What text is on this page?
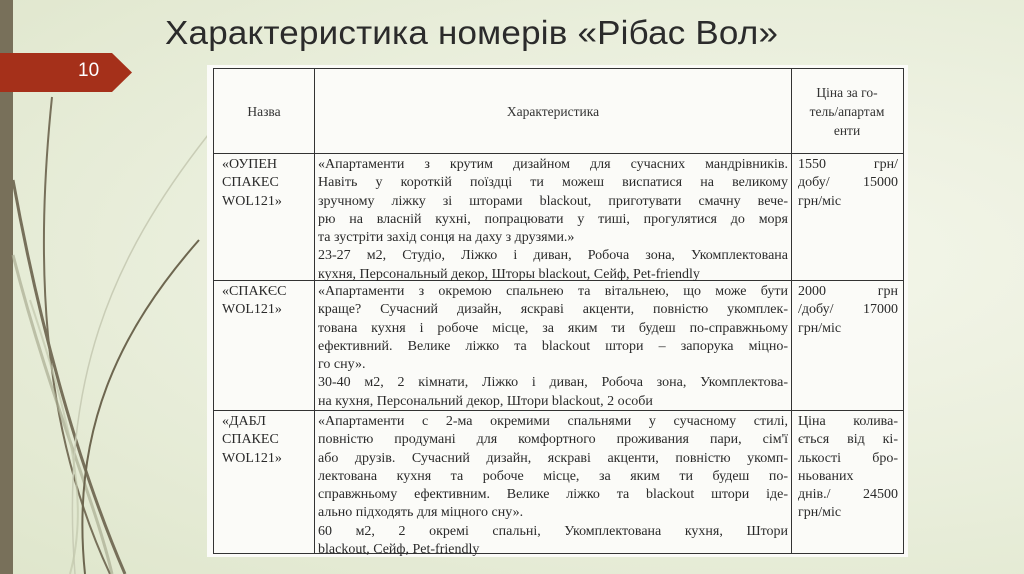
10
Характеристика номерів «Рібас Вол»
Назва	Характеристика
Ціна за го-
тель/апартам
енти
«ОУПЕН
СПАКЕС
WOL121»
«Апартаменти з крутим дизайном для сучасних мандрівників.
Навіть у короткій поїздці ти можеш виспатися на великому
зручному ліжку зі шторами blackout, приготувати смачну вече-
рю на власній кухні, попрацювати у тиші, прогулятися до моря
та зустріти захід сонця на даху з друзями.»
23-27 м2, Студіо, Ліжко і диван, Робоча зона, Укомплектована
кухня, Персональный декор, Шторы blackout, Сейф, Pet-friendly
1550 грн/
добу/ 15000
грн/міс
«СПАКЄС
WOL121»
«Апартаменти з окремою спальнею та вітальнею, що може бути
краще? Сучасний дизайн, яскраві акценти, повністю укомплек-
тована кухня і робоче місце, за яким ти будеш по-справжньому
ефективний. Велике ліжко та blackout штори – запорука міцно-
го сну».
30-40 м2, 2 кімнати, Ліжко і диван, Робоча зона, Укомплектова-
на кухня, Персональний декор, Штори blackout, 2 особи
2000 грн
/добу/ 17000
грн/міс
«ДАБЛ
СПАКЕС
WOL121»
«Апартаменти с 2-ма окремими спальнями у сучасному стилі,
повністю продумані для комфортного проживания пари, сім'ї
або друзів. Сучасний дизайн, яскраві акценти, повністю укомп-
лектована кухня та робоче місце, за яким ти будеш по-
справжньому ефективним. Велике ліжко та blackout штори іде-
ально підходять для міцного сну».
60 м2, 2 окремі спальні, Укомплектована кухня, Штори
blackout, Сейф, Pet-friendly
Ціна колива-
ється від кі-
лькості бро-
ньованих
днів./ 24500
грн/міс
